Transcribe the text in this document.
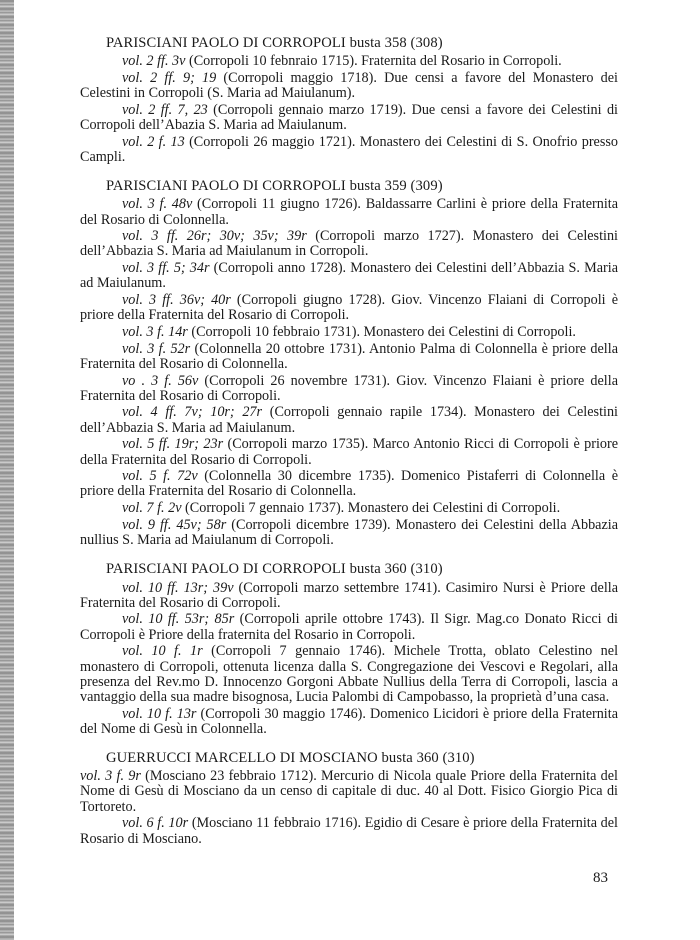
PARISCIANI PAOLO DI CORROPOLI busta 358 (308)

vol. 2 ff. 3v (Corropoli 10 febnraio 1715). Fraternita del Rosario in Corropoli.

vol. 2 ff. 9; 19 (Corropoli maggio 1718). Due censi a favore del Monastero dei Celestini in Corropoli (S. Maria ad Maiulanum).

vol. 2 ff. 7, 23 (Corropoli gennaio marzo 1719). Due censi a favore dei Celestini di Corropoli dell’Abazia S. Maria ad Maiulanum.

vol. 2 f. 13 (Corropoli 26 maggio 1721). Monastero dei Celestini di S. Onofrio presso Campli.

PARISCIANI PAOLO DI CORROPOLI busta 359 (309)

vol. 3 f. 48v (Corropoli 11 giugno 1726). Baldassarre Carlini è priore della Fraternita del Rosario di Colonnella.

vol. 3 ff. 26r; 30v; 35v; 39r (Corropoli marzo 1727). Monastero dei Celestini dell’Abbazia S. Maria ad Maiulanum in Corropoli.

vol. 3 ff. 5; 34r (Corropoli anno 1728). Monastero dei Celestini dell’Abbazia S. Maria ad Maiulanum.

vol. 3 ff. 36v; 40r (Corropoli giugno 1728). Giov. Vincenzo Flaiani di Corropoli è priore della Fraternita del Rosario di Corropoli.

vol. 3 f. 14r (Corropoli 10 febbraio 1731). Monastero dei Celestini di Corropoli.

vol. 3 f. 52r (Colonnella 20 ottobre 1731). Antonio Palma di Colonnella è priore della Fraternita del Rosario di Colonnella.

vo . 3 f. 56v (Corropoli 26 novembre 1731). Giov. Vincenzo Flaiani è priore della Fraternita del Rosario di Corropoli.

vol. 4 ff. 7v; 10r; 27r (Corropoli gennaio rapile 1734). Monastero dei Celestini dell’Abbazia S. Maria ad Maiulanum.

vol. 5 ff. 19r; 23r (Corropoli marzo 1735). Marco Antonio Ricci di Corropoli è priore della Fraternita del Rosario di Corropoli.

vol. 5 f. 72v (Colonnella 30 dicembre 1735). Domenico Pistaferri di Colonnella è priore della Fraternita del Rosario di Colonnella.

vol. 7 f. 2v (Corropoli 7 gennaio 1737). Monastero dei Celestini di Corropoli.

vol. 9 ff. 45v; 58r (Corropoli dicembre 1739). Monastero dei Celestini della Abbazia nullius S. Maria ad Maiulanum di Corropoli.

PARISCIANI PAOLO DI CORROPOLI busta 360 (310)

vol. 10 ff. 13r; 39v (Corropoli marzo settembre 1741). Casimiro Nursi è Priore della Fraternita del Rosario di Corropoli.

vol. 10 ff. 53r; 85r (Corropoli aprile ottobre 1743). Il Sigr. Mag.co Donato Ricci di Corropoli è Priore della fraternita del Rosario in Corropoli.

vol. 10 f. 1r (Corropoli 7 gennaio 1746). Michele Trotta, oblato Celestino nel monastero di Corropoli, ottenuta licenza dalla S. Congregazione dei Vescovi e Regolari, alla presenza del Rev.mo D. Innocenzo Gorgoni Abbate Nullius della Terra di Corropoli, lascia a vantaggio della sua madre bisognosa, Lucia Palombi di Campobasso, la proprietà d’una casa.

vol. 10 f. 13r (Corropoli 30 maggio 1746). Domenico Licidori è priore della Fraternita del Nome di Gesù in Colonnella.

GUERRUCCI MARCELLO DI MOSCIANO busta 360 (310)

vol. 3 f. 9r (Mosciano 23 febbraio 1712). Mercurio di Nicola quale Priore della Fraternita del Nome di Gesù di Mosciano da un censo di capitale di duc. 40 al Dott. Fisico Giorgio Pica di Tortoreto.

vol. 6 f. 10r (Mosciano 11 febbraio 1716). Egidio di Cesare è priore della Fraternita del Rosario di Mosciano.

83
